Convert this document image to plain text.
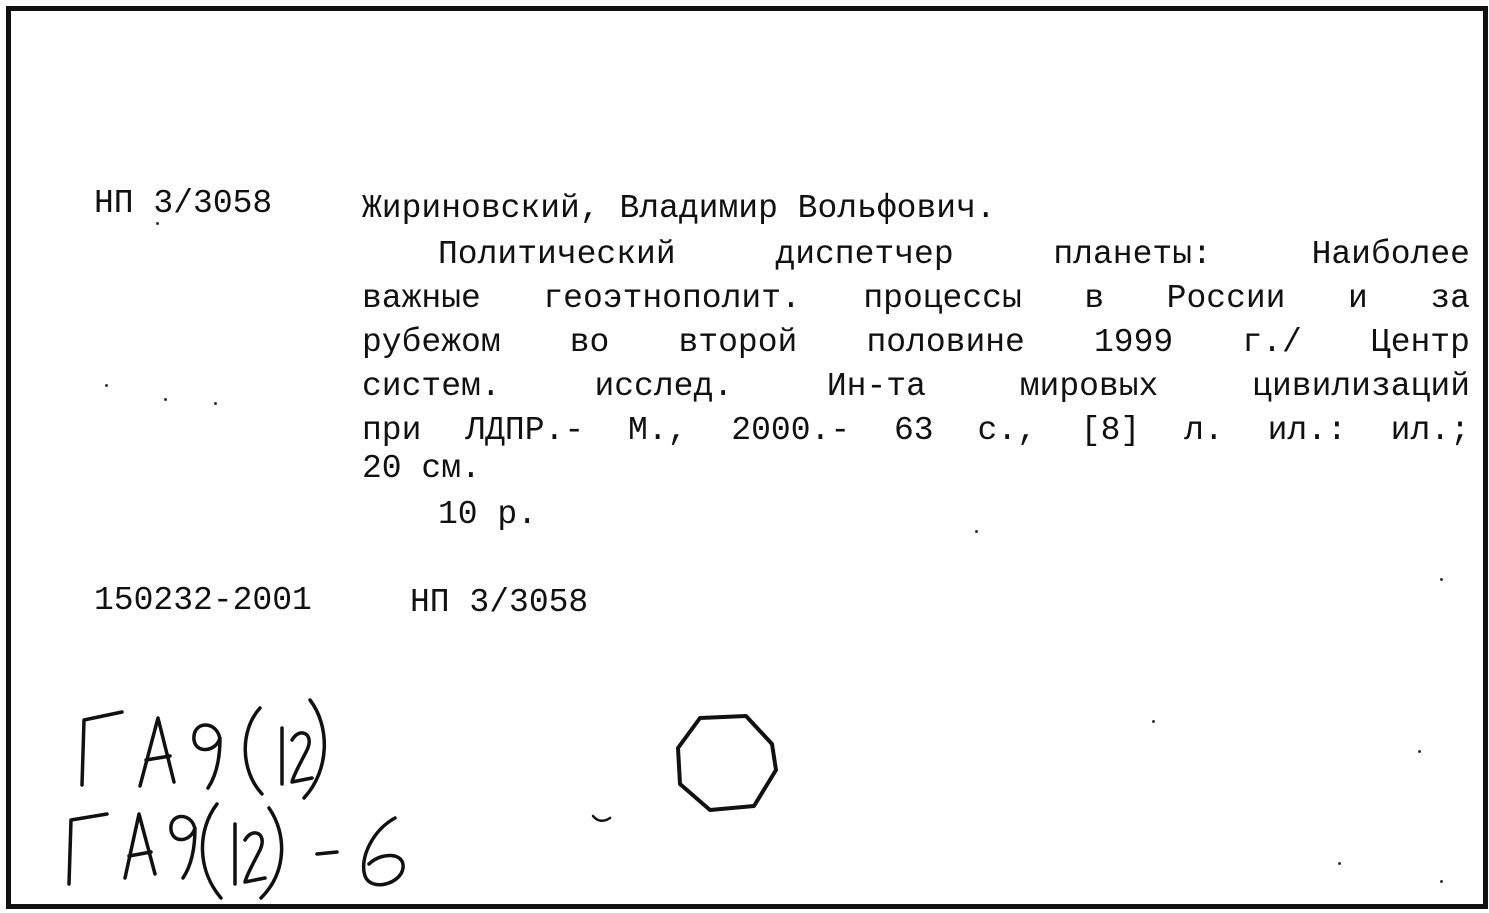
НП 3/3058	Жириновский, Владимир Вольфович.
Политический	диспетчер	планеты:	Наиболее
важные геоэтнополит. процессы в России и за
рубежом во второй половине 1999 г./ Центр
систем.	исслед.	Ин-та	мировых	цивилизаций
при ЛДПР.- М., 2000.- 63 с., [8] л. ил.: ил.;
20 см.
10 р.
150232-2001	НП 3/3058
